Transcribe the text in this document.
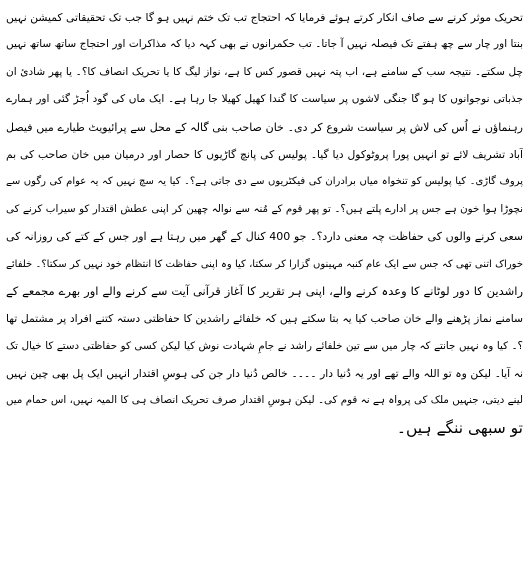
تحریک موثر کرنے سے صاف انکار کرتے ہوئے فرمایا کہ احتجاج تب تک ختم نہیں ہو گا جب تک تحقیقاتی کمیشن نہیں
بنتا اور چار سے چھ ہفتے تک فیصلہ نہیں آ جاتا۔ تب حکمرانوں نے بھی کہہ دیا کہ مذاکرات اور احتجاج ساتھ ساتھ نہیں
چل سکتے۔ نتیجہ سب کے سامنے ہے، اب پتہ نہیں قصور کس کا ہے، نواز لیگ کا یا تحریک انصاف کا؟۔ یا پھر شادیٔ ان
جذباتی نوجوانوں کا ہو گا جنگی لاشوں پر سیاست کا گندا کھیل کھیلا جا رہا ہے۔ ایک ماں کی گود اُجڑ گئی اور ہمارے
رہنماؤں نے اُس کی لاش پر سیاست شروع کر دی۔ خان صاحب بنی گالہ کے محل سے پرائیویٹ طیارے میں فیصل
آباد تشریف لائے تو انہیں پورا پروٹوکول دیا گیا۔ پولیس کی پانچ گاڑیوں کا حصار اور درمیان میں خان صاحب کی بم
پروف گاڑی۔ کیا پولیس کو تنخواہ میاں برادران کی فیکٹریوں سے دی جاتی ہے؟۔ کیا یہ سچ نہیں کہ یہ عوام کی رگوں سے
نچوڑا ہوا خون ہے جس پر ادارے پلتے ہیں؟۔ تو پھر قوم کے مُنہ سے نوالہ چھین کر اپنی عطش اقتدار کو سیراب کرنے کی
سعی کرنے والوں کی حفاظت چہ معنی دارد؟۔ جو 400 کنال کے گھر میں رہتا ہے اور جس کے کتے کی روزانہ کی
خوراک اتنی تھی کہ جس سے ایک عام کنبہ مہینوں گزارا کر سکتا، کیا وہ اپنی حفاظت کا انتظام خود نہیں کر سکتا؟۔ خلفائے
راشدین کا دور لوٹانے کا وعدہ کرنے والے، اپنی ہر تقریر کا آغاز قرآنی آیت سے کرنے والے اور بھرے مجمعے کے
سامنے نماز پڑھنے والے خان صاحب کیا یہ بتا سکتے ہیں کہ خلفائے راشدین کا حفاظتی دستہ کتنے افراد پر مشتمل تھا
؟۔ کیا وہ نہیں جانتے کہ چار میں سے تین خلفائے راشد نے جامِ شہادت نوش کیا لیکن کسی کو حفاظتی دستے کا خیال تک
نہ آیا۔ لیکن وہ تو اللہ والے تھے اور یہ دُنیا دار ۔۔۔۔ خالص دُنیا دار جن کی ہوسِ اقتدار انہیں ایک پل بھی چین نہیں
لینے دیتی، جنہیں ملک کی پرواہ ہے نہ قوم کی۔ لیکن ہوسِ اقتدار صرف تحریک انصاف ہی کا المیہ نہیں، اس حمام میں
تو سبھی ننگے ہیں۔
